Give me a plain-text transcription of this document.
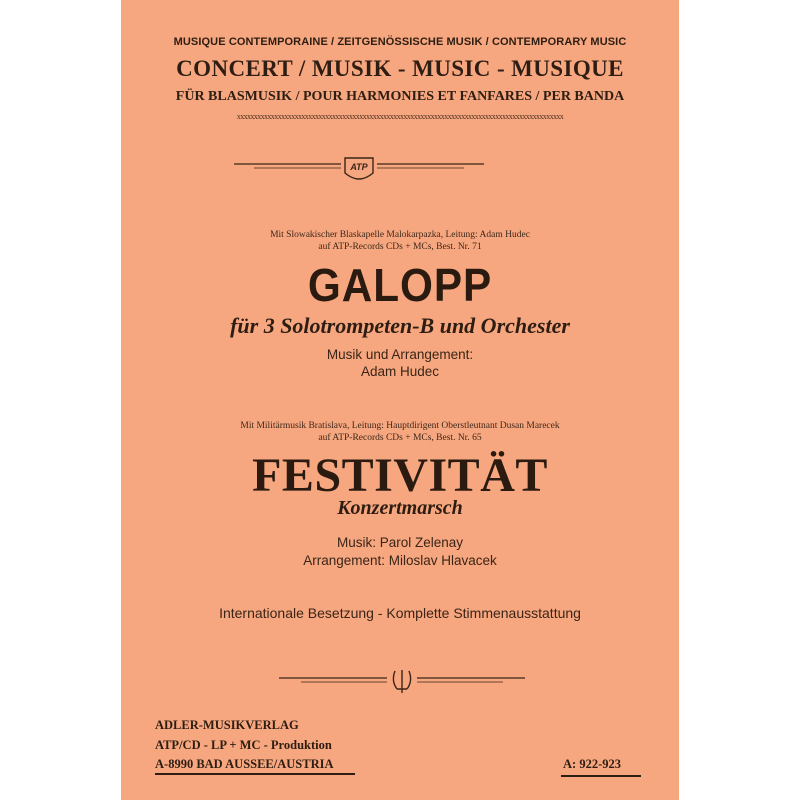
MUSIQUE CONTEMPORAINE / ZEITGENÖSSISCHE MUSIK / CONTEMPORARY MUSIC
CONCERT / MUSIK - MUSIC - MUSIQUE
FÜR BLASMUSIK / POUR HARMONIES ET FANFARES / PER BANDA
xxxxxxxxxxxxxxxxxxxxxxxxxxxxxxxxxxxxxxxxxxxxxxxxxxxxxxxxxxxxxxxxxxxxxxxxxxxxxxxxxxxxxxxxxxxxxxxx
ATP
Mit Slowakischer Blaskapelle Malokarpazka, Leitung: Adam Hudec
auf ATP-Records CDs + MCs, Best. Nr. 71
GALOPP
für 3 Solotrompeten-B und Orchester
Musik und Arrangement:
Adam Hudec
Mit Militärmusik Bratislava, Leitung: Hauptdirigent Oberstleutnant Dusan Marecek
auf ATP-Records CDs + MCs, Best. Nr. 65
FESTIVITÄT
Konzertmarsch
Musik: Parol Zelenay
Arrangement: Miloslav Hlavacek
Internationale Besetzung - Komplette Stimmenausstattung
ADLER-MUSIKVERLAG
ATP/CD - LP + MC - Produktion
A-8990 BAD AUSSEE/AUSTRIA	A: 922-923
